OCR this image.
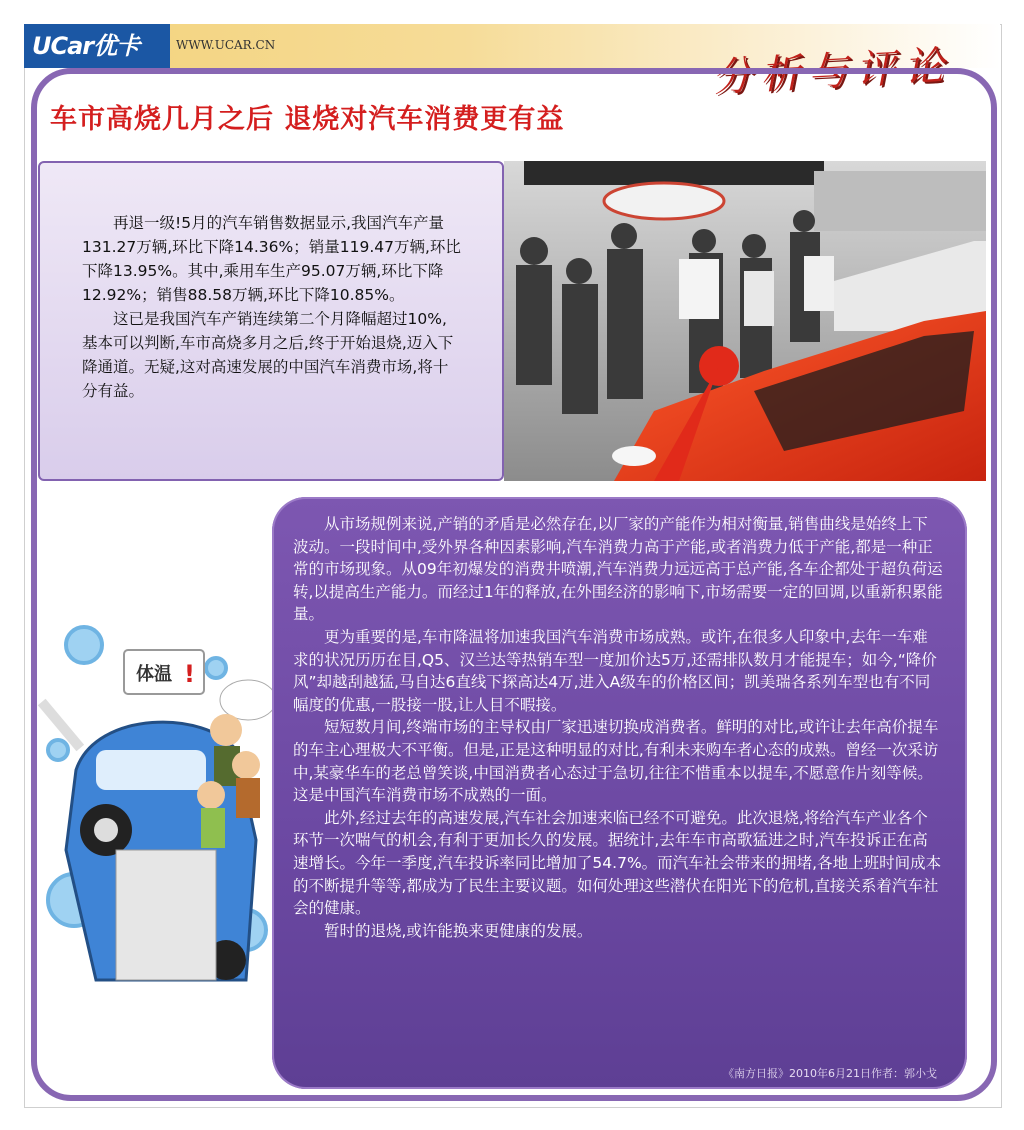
UCar优卡	WWW.UCAR.CN	分析与评论
车市高烧几月之后 退烧对汽车消费更有益

再退一级!5月的汽车销售数据显示,我国汽车产量131.27万辆,环比下降14.36%；销量119.47万辆,环比下降13.95%。其中,乘用车生产95.07万辆,环比下降12.92%；销售88.58万辆,环比下降10.85%。

这已是我国汽车产销连续第二个月降幅超过10%,基本可以判断,车市高烧多月之后,终于开始退烧,迈入下降通道。无疑,这对高速发展的中国汽车消费市场,将十分有益。

体温 !

从市场规例来说,产销的矛盾是必然存在,以厂家的产能作为相对衡量,销售曲线是始终上下波动。一段时间中,受外界各种因素影响,汽车消费力高于产能,或者消费力低于产能,都是一种正常的市场现象。从09年初爆发的消费井喷潮,汽车消费力远远高于总产能,各车企都处于超负荷运转,以提高生产能力。而经过1年的释放,在外围经济的影响下,市场需要一定的回调,以重新积累能量。

更为重要的是,车市降温将加速我国汽车消费市场成熟。或许,在很多人印象中,去年一车难求的状况历历在目,Q5、汉兰达等热销车型一度加价达5万,还需排队数月才能提车；如今,“降价风”却越刮越猛,马自达6直线下探高达4万,进入A级车的价格区间；凯美瑞各系列车型也有不同幅度的优惠,一股接一股,让人目不暇接。

短短数月间,终端市场的主导权由厂家迅速切换成消费者。鲜明的对比,或许让去年高价提车的车主心理极大不平衡。但是,正是这种明显的对比,有利未来购车者心态的成熟。曾经一次采访中,某豪华车的老总曾笑谈,中国消费者心态过于急切,往往不惜重本以提车,不愿意作片刻等候。这是中国汽车消费市场不成熟的一面。

此外,经过去年的高速发展,汽车社会加速来临已经不可避免。此次退烧,将给汽车产业各个环节一次喘气的机会,有利于更加长久的发展。据统计,去年车市高歌猛进之时,汽车投诉正在高速增长。今年一季度,汽车投诉率同比增加了54.7%。而汽车社会带来的拥堵,各地上班时间成本的不断提升等等,都成为了民生主要议题。如何处理这些潜伏在阳光下的危机,直接关系着汽车社会的健康。

暂时的退烧,或许能换来更健康的发展。

《南方日报》2010年6月21日作者：郭小戈
